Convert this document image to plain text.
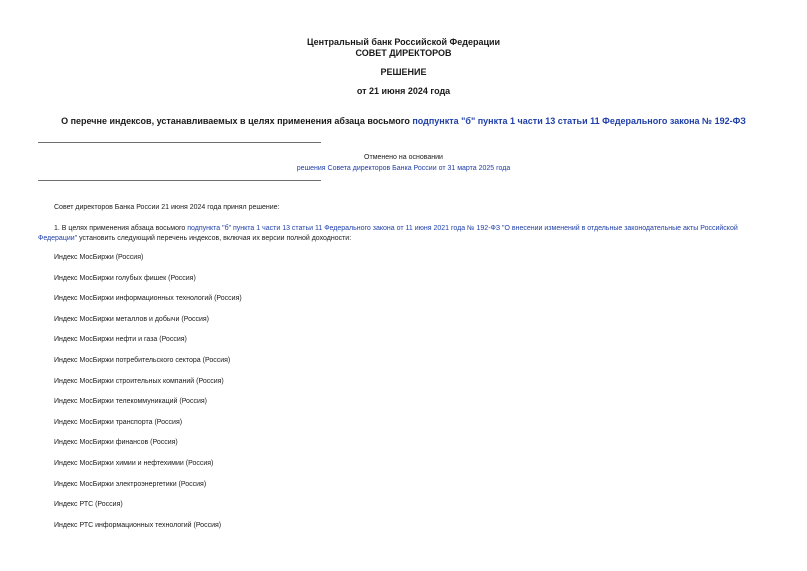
Центральный банк Российской Федерации
СОВЕТ ДИРЕКТОРОВ
РЕШЕНИЕ
от 21 июня 2024 года
О перечне индексов, устанавливаемых в целях применения абзаца восьмого подпункта "б" пункта 1 части 13 статьи 11 Федерального закона № 192-ФЗ
Отменено на основании
решения Совета директоров Банка России от 31 марта 2025 года
Совет директоров Банка России 21 июня 2024 года принял решение:
1. В целях применения абзаца восьмого подпункта "б" пункта 1 части 13 статьи 11 Федерального закона от 11 июня 2021 года № 192-ФЗ "О внесении изменений в отдельные законодательные акты Российской Федерации" установить следующий перечень индексов, включая их версии полной доходности:
Индекс МосБиржи (Россия)
Индекс МосБиржи голубых фишек (Россия)
Индекс МосБиржи информационных технологий (Россия)
Индекс МосБиржи металлов и добычи (Россия)
Индекс МосБиржи нефти и газа (Россия)
Индекс МосБиржи потребительского сектора (Россия)
Индекс МосБиржи строительных компаний (Россия)
Индекс МосБиржи телекоммуникаций (Россия)
Индекс МосБиржи транспорта (Россия)
Индекс МосБиржи финансов (Россия)
Индекс МосБиржи химии и нефтехимии (Россия)
Индекс МосБиржи электроэнергетики (Россия)
Индекс РТС (Россия)
Индекс РТС информационных технологий (Россия)
